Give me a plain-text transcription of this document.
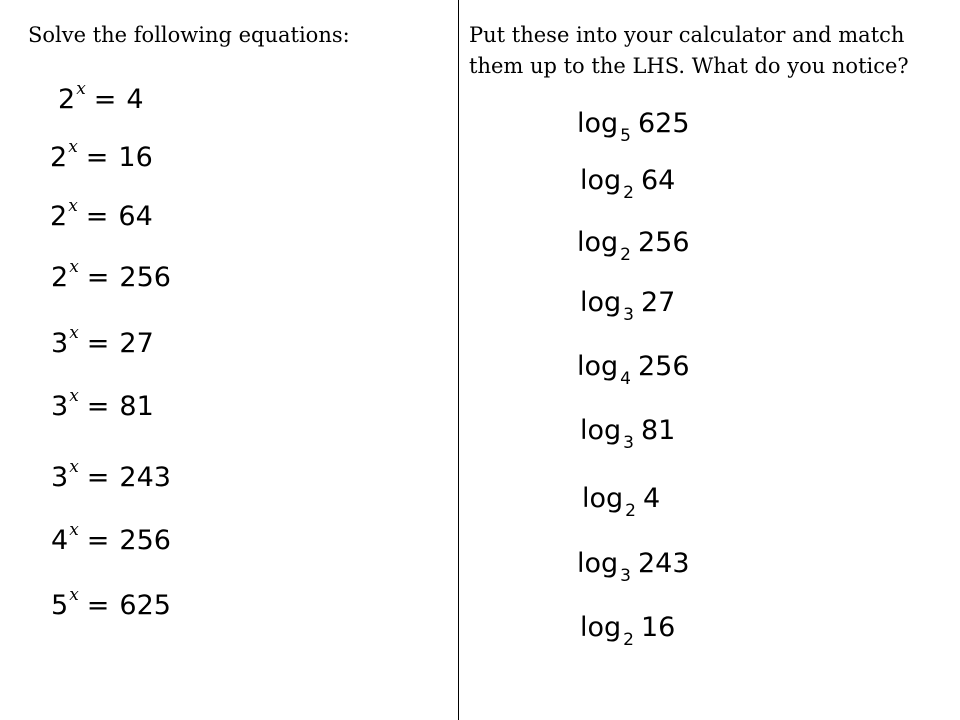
Solve the following equations:	Put these into your calculator and match them up to the LHS. What do you notice?
$2^x = 4$
$2^x = 16$
$2^x = 64$
$2^x = 256$
$3^x = 27$
$3^x = 81$
$3^x = 243$
$4^x = 256$
$5^x = 625$
log $_5$ 625
log $_2$ 64
log $_2$ 256
log $_3$ 27
log $_4$ 256
log $_3$ 81
log $_2$ 4
log $_3$ 243
log $_2$ 16
